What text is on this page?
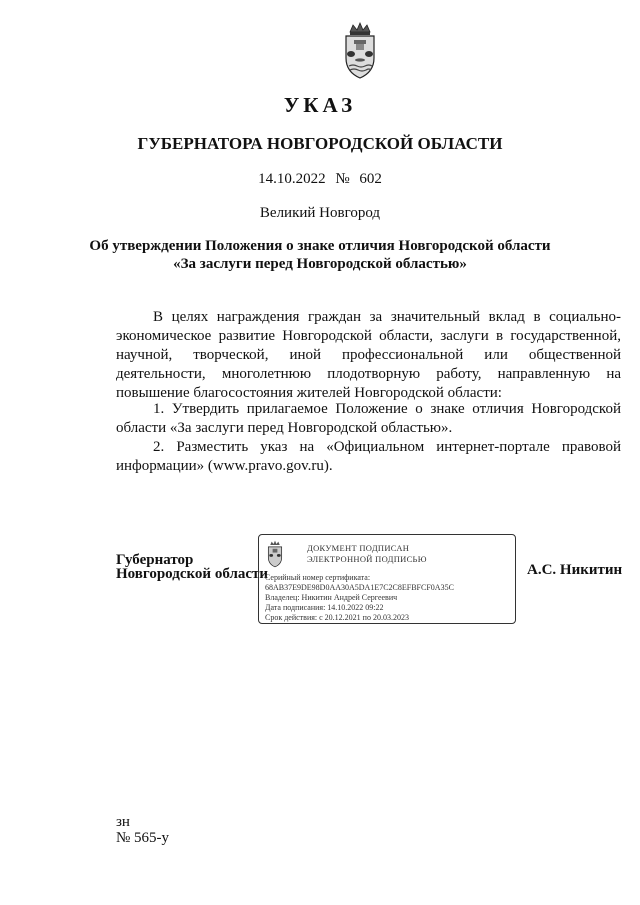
УКАЗ
ГУБЕРНАТОРА НОВГОРОДСКОЙ ОБЛАСТИ
14.10.2022 № 602
Великий Новгород
Об утверждении Положения о знаке отличия Новгородской области
«За заслуги перед Новгородской областью»
В целях награждения граждан за значительный вклад в социально-экономическое развитие Новгородской области, заслуги в государственной, научной, творческой, иной профессиональной или общественной деятельности, многолетнюю плодотворную работу, направленную на повышение благосостояния жителей Новгородской области:
1. Утвердить прилагаемое Положение о знаке отличия Новгородской области «За заслуги перед Новгородской областью».
2. Разместить указ на «Официальном интернет-портале правовой информации» (www.pravo.gov.ru).
Губернатор
Новгородской области
ДОКУМЕНТ ПОДПИСАН
ЭЛЕКТРОННОЙ ПОДПИСЬЮ
Серийный номер сертификата:
68AB37E9DE98D0AA30A5DA1E7C2C8EFBFCF0A35C
Владелец: Никитин Андрей Сергеевич
Дата подписания: 14.10.2022 09:22
Срок действия: с 20.12.2021 по 20.03.2023
А.С. Никитин
зн
№ 565-у
